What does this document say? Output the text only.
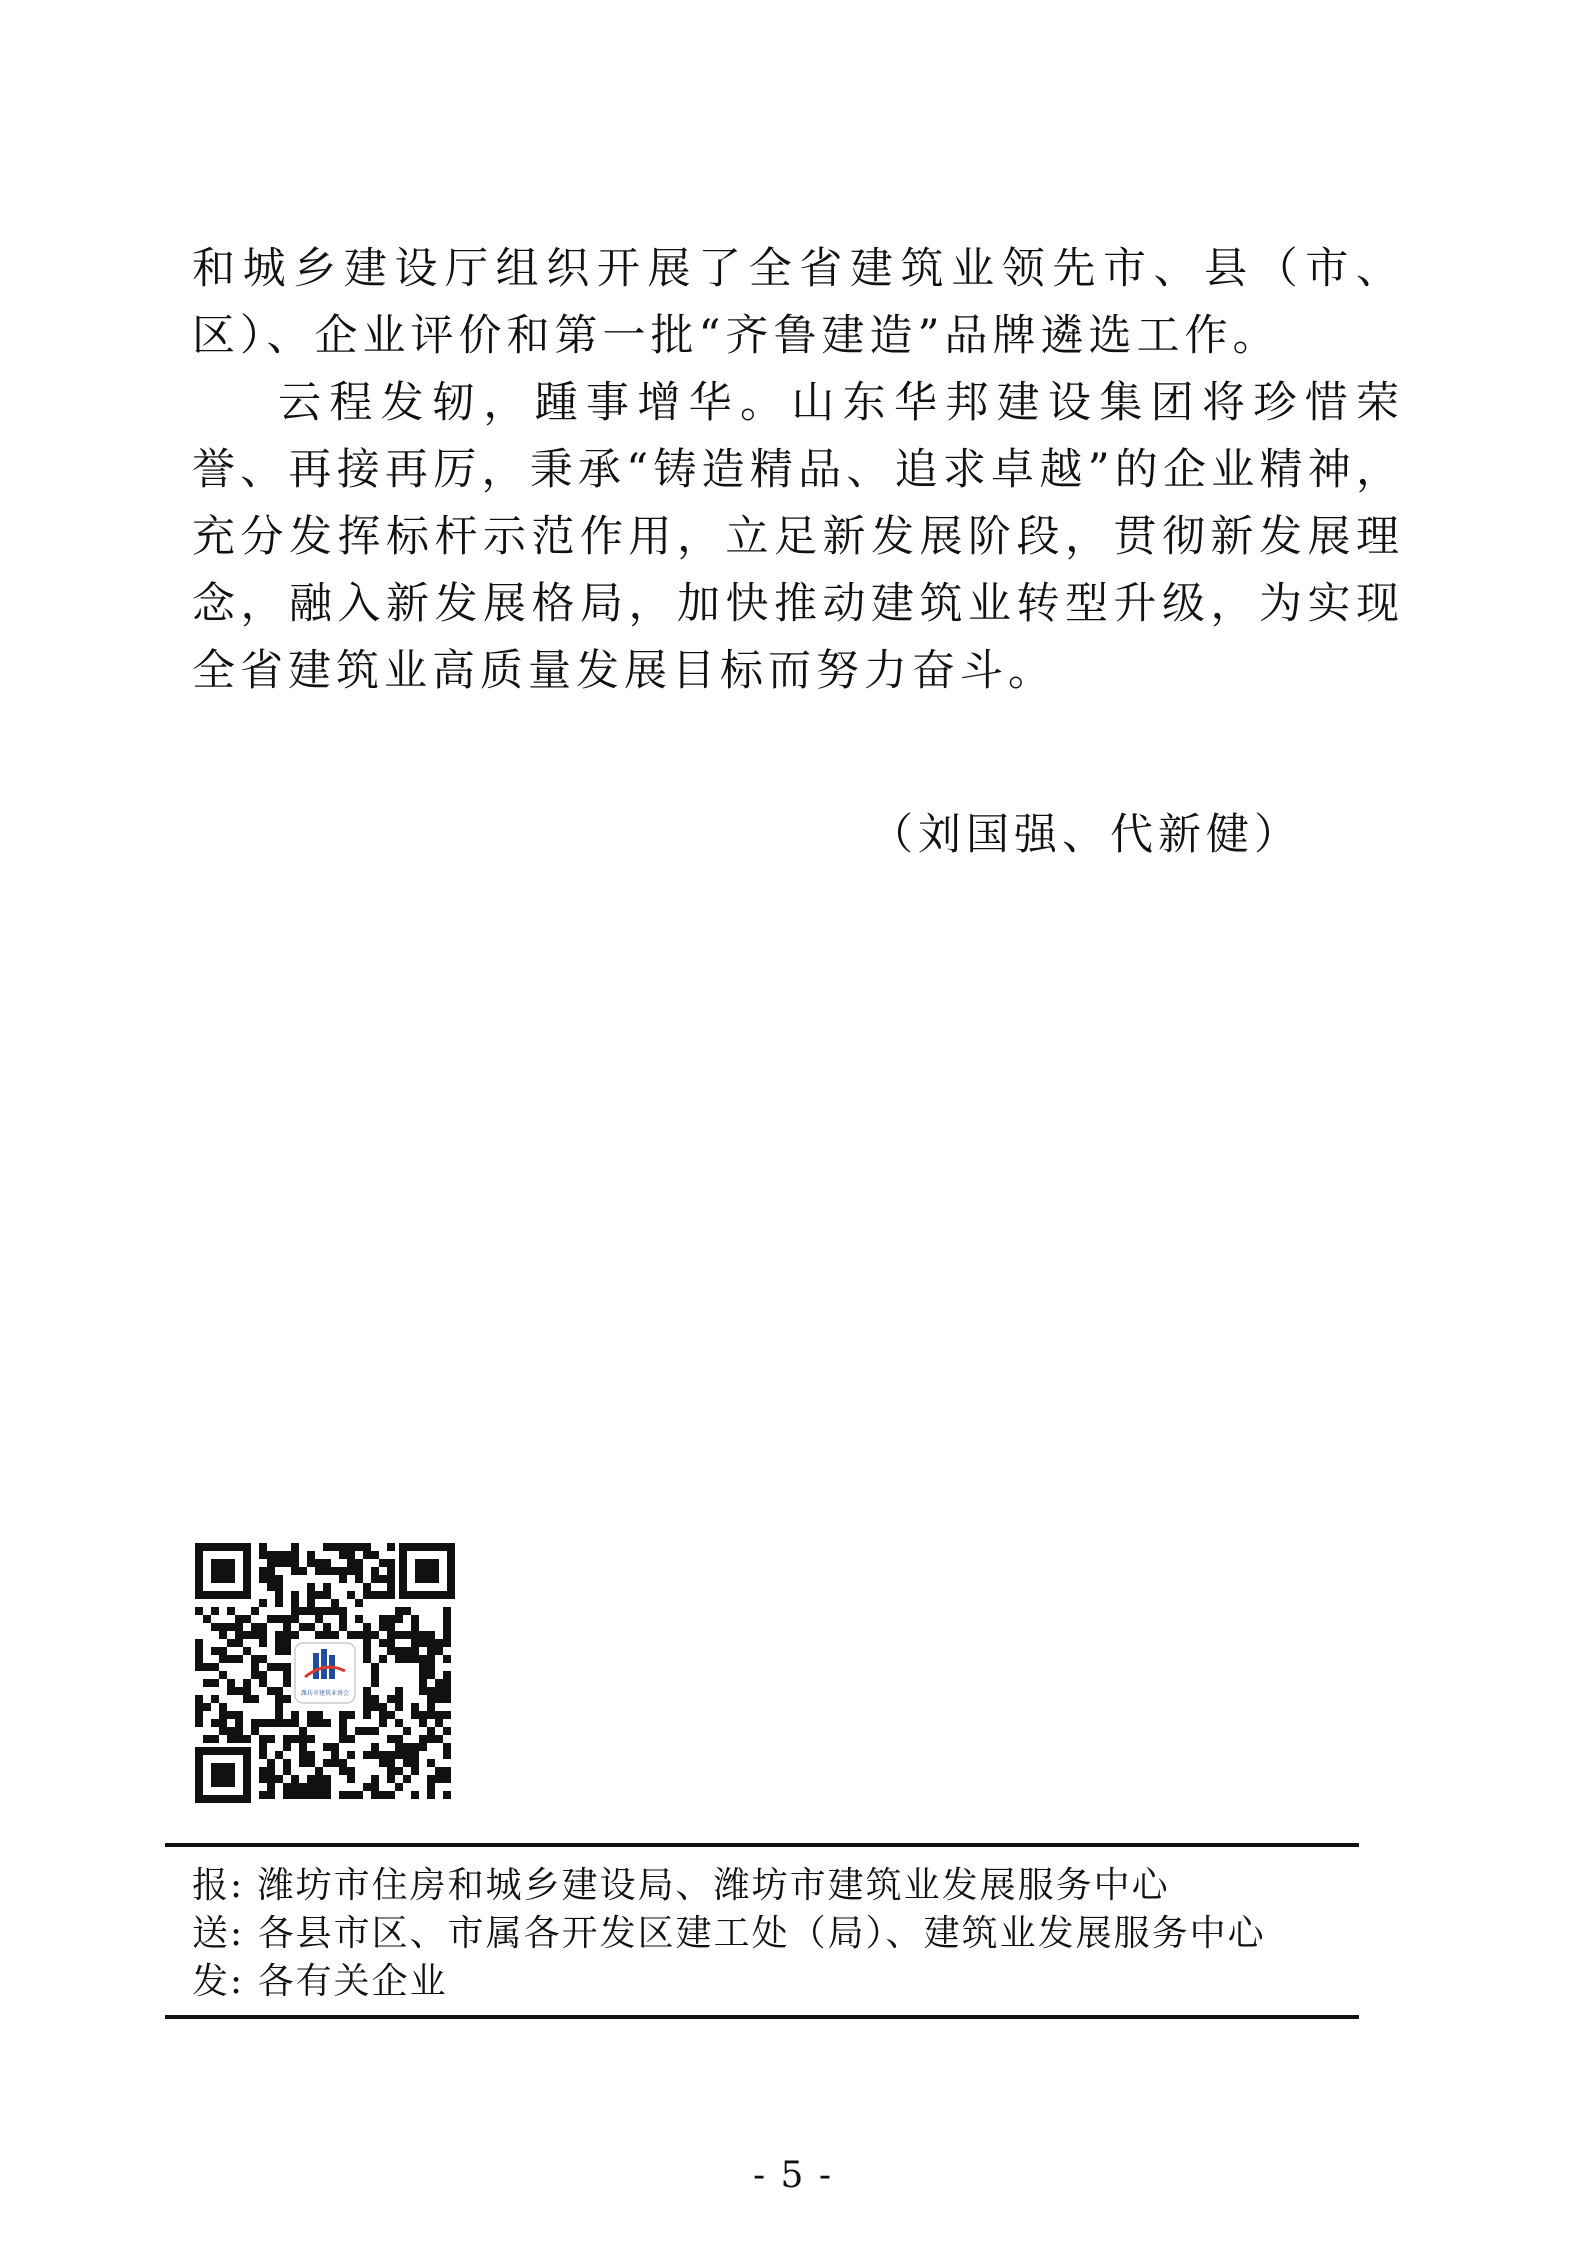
和城乡建设厅组织开展了全省建筑业领先市、县（市、区）、企业评价和第一批“齐鲁建造”品牌遴选工作。

云程发轫，踵事增华。山东华邦建设集团将珍惜荣誉、再接再厉，秉承“铸造精品、追求卓越”的企业精神，充分发挥标杆示范作用，立足新发展阶段，贯彻新发展理念，融入新发展格局，加快推动建筑业转型升级，为实现全省建筑业高质量发展目标而努力奋斗。

（刘国强、代新健）
潍坊市建筑业协会
报: 潍坊市住房和城乡建设局、潍坊市建筑业发展服务中心
送: 各县市区、市属各开发区建工处（局）、建筑业发展服务中心
发: 各有关企业
- 5 -
